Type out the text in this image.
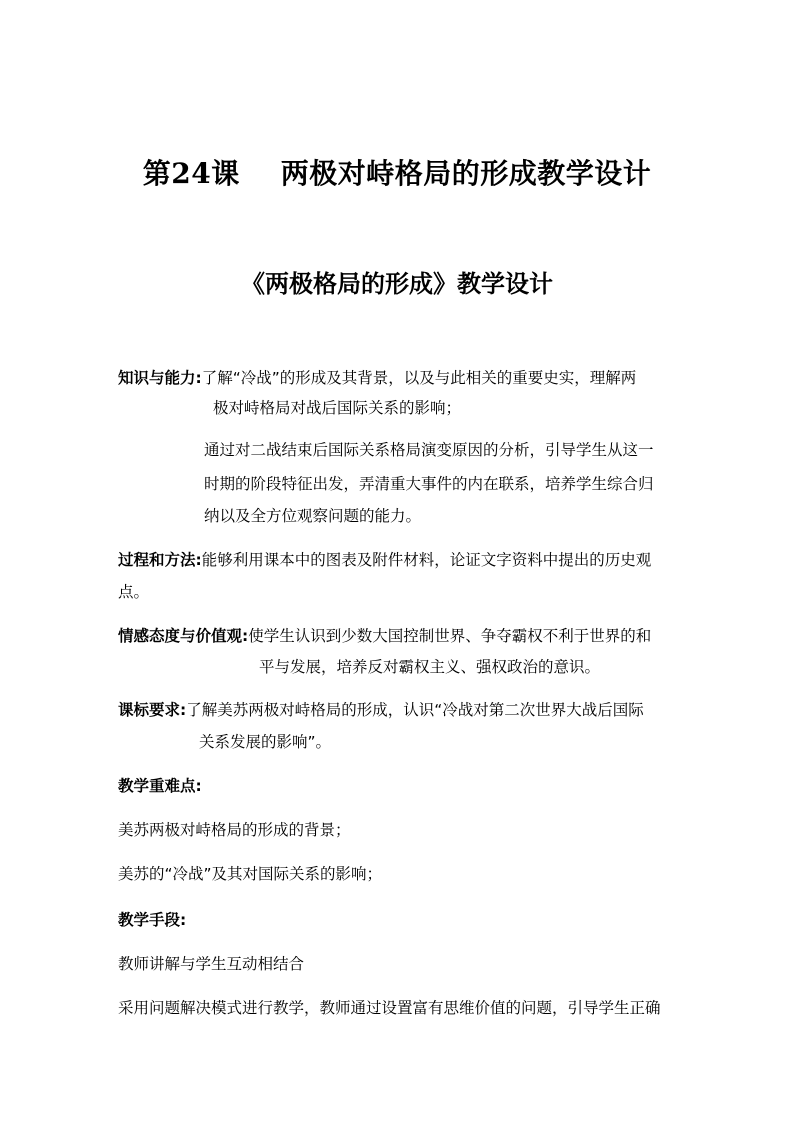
第24课    两极对峙格局的形成教学设计
《两极格局的形成》教学设计
知识与能力:了解“冷战”的形成及其背景，以及与此相关的重要史实，理解两
极对峙格局对战后国际关系的影响；
通过对二战结束后国际关系格局演变原因的分析，引导学生从这一
时期的阶段特征出发，弄清重大事件的内在联系，培养学生综合归
纳以及全方位观察问题的能力。
过程和方法:能够利用课本中的图表及附件材料，论证文字资料中提出的历史观
点。
情感态度与价值观:使学生认识到少数大国控制世界、争夺霸权不利于世界的和
平与发展，培养反对霸权主义、强权政治的意识。
课标要求:了解美苏两极对峙格局的形成，认识“冷战对第二次世界大战后国际
关系发展的影响”。
教学重难点:
美苏两极对峙格局的形成的背景；
美苏的“冷战”及其对国际关系的影响；
教学手段:
教师讲解与学生互动相结合
采用问题解决模式进行教学，教师通过设置富有思维价值的问题，引导学生正确
